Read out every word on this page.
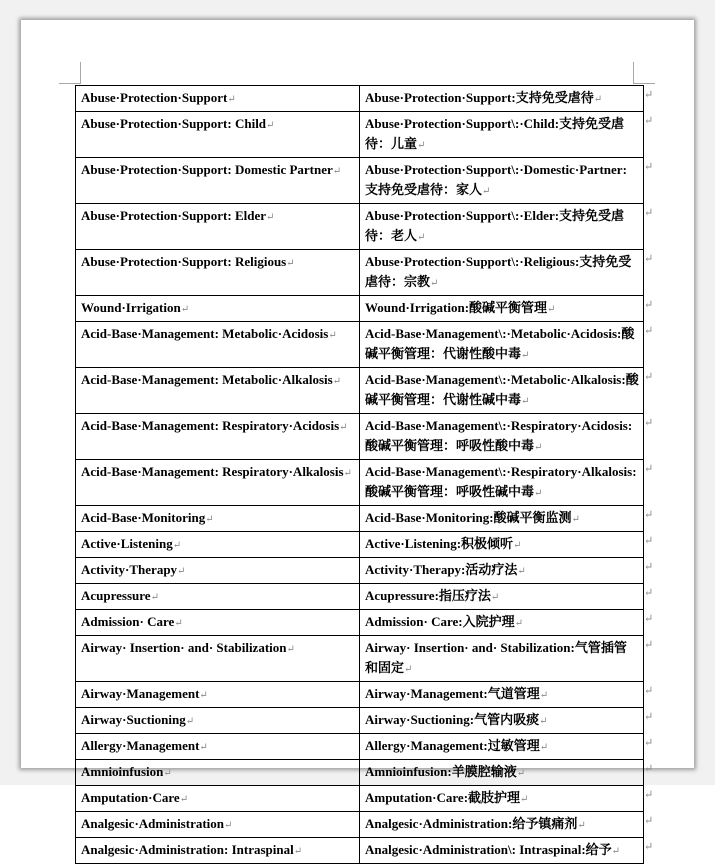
Abuse·Protection·Support↵	Abuse·Protection·Support:支持免受虐待↵
Abuse·Protection·Support: Child↵	Abuse·Protection·Support\:·Child:支持免受虐待：儿童↵
Abuse·Protection·Support: Domestic Partner↵	Abuse·Protection·Support\:·Domestic·Partner:支持免受虐待：家人↵
Abuse·Protection·Support: Elder↵	Abuse·Protection·Support\:·Elder:支持免受虐待：老人↵
Abuse·Protection·Support: Religious↵	Abuse·Protection·Support\:·Religious:支持免受虐待：宗教↵
Wound·Irrigation↵	Wound·Irrigation:酸碱平衡管理↵
Acid-Base·Management: Metabolic·Acidosis↵	Acid-Base·Management\:·Metabolic·Acidosis:酸碱平衡管理：代谢性酸中毒↵
Acid-Base·Management: Metabolic·Alkalosis↵	Acid-Base·Management\:·Metabolic·Alkalosis:酸碱平衡管理：代谢性碱中毒↵
Acid-Base·Management: Respiratory·Acidosis↵	Acid-Base·Management\:·Respiratory·Acidosis:酸碱平衡管理：呼吸性酸中毒↵
Acid-Base·Management: Respiratory·Alkalosis↵	Acid-Base·Management\:·Respiratory·Alkalosis:酸碱平衡管理：呼吸性碱中毒↵
Acid-Base·Monitoring↵	Acid-Base·Monitoring:酸碱平衡监测↵
Active·Listening↵	Active·Listening:积极倾听↵
Activity·Therapy↵	Activity·Therapy:活动疗法↵
Acupressure↵	Acupressure:指压疗法↵
Admission· Care↵	Admission· Care:入院护理↵
Airway· Insertion· and· Stabilization↵	Airway· Insertion· and· Stabilization:气管插管和固定↵
Airway·Management↵	Airway·Management:气道管理↵
Airway·Suctioning↵	Airway·Suctioning:气管内吸痰↵
Allergy·Management↵	Allergy·Management:过敏管理↵
Amnioinfusion↵	Amnioinfusion:羊膜腔输液↵
Amputation·Care↵	Amputation·Care:截肢护理↵
Analgesic·Administration↵	Analgesic·Administration:给予镇痛剂↵
Analgesic·Administration: Intraspinal↵	Analgesic·Administration\: Intraspinal:给予↵
↵
↵
↵
↵
↵
↵
↵
↵
↵
↵
↵
↵
↵
↵
↵
↵
↵
↵
↵
↵
↵
↵
↵
